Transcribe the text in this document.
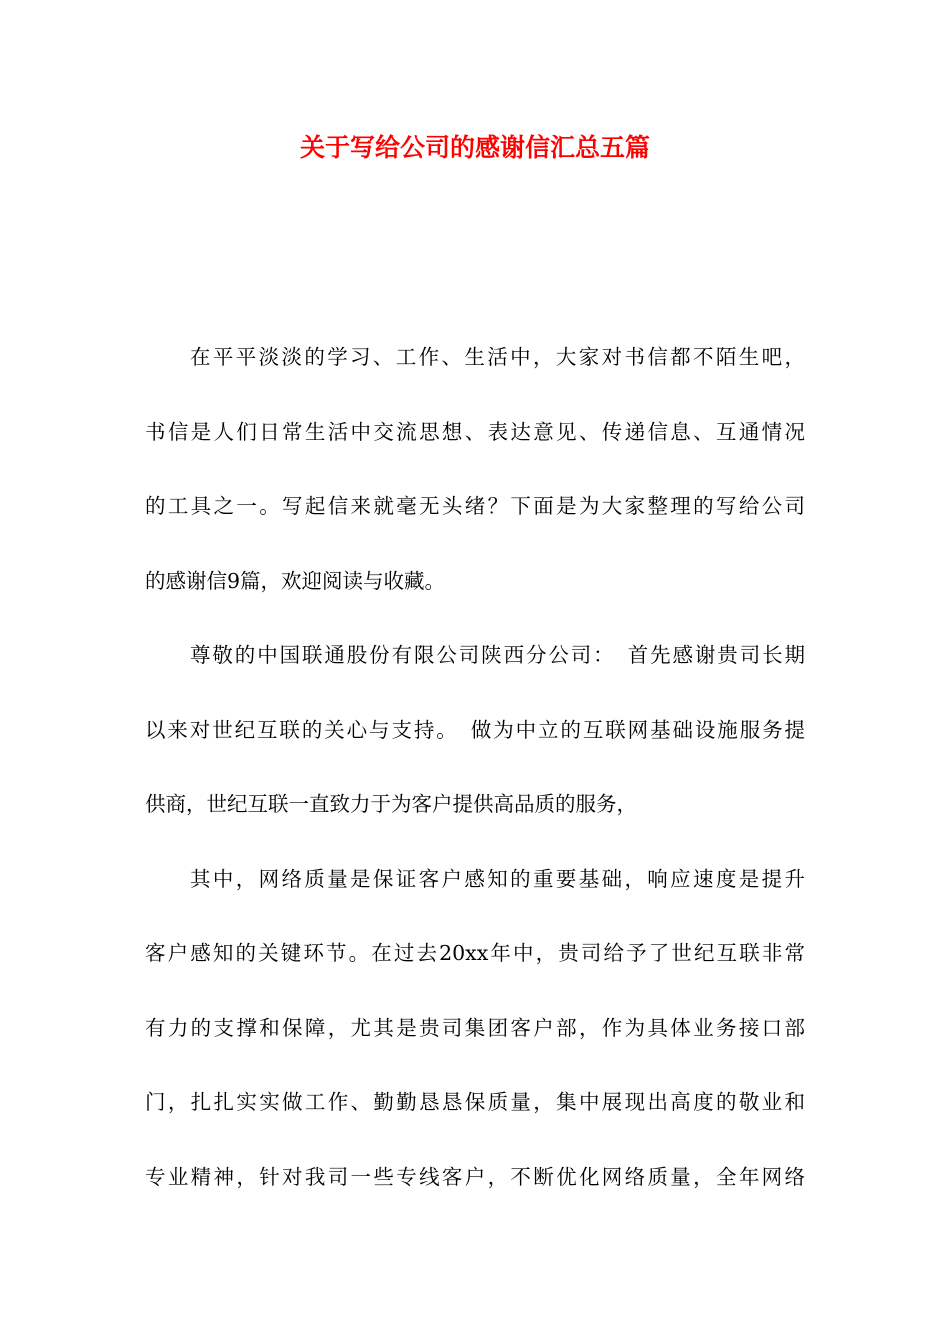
关于写给公司的感谢信汇总五篇
在平平淡淡的学习、工作、生活中，大家对书信都不陌生吧，
书信是人们日常生活中交流思想、表达意见、传递信息、互通情况
的工具之一。写起信来就毫无头绪？下面是为大家整理的写给公司
的感谢信9篇，欢迎阅读与收藏。
尊敬的中国联通股份有限公司陕西分公司：　首先感谢贵司长期
以来对世纪互联的关心与支持。　做为中立的互联网基础设施服务提
供商，世纪互联一直致力于为客户提供高品质的服务，
其中，网络质量是保证客户感知的重要基础，响应速度是提升
客户感知的关键环节。在过去20xx年中，贵司给予了世纪互联非常
有力的支撑和保障，尤其是贵司集团客户部，作为具体业务接口部
门，扎扎实实做工作、勤勤恳恳保质量，集中展现出高度的敬业和
专业精神，针对我司一些专线客户，不断优化网络质量，全年网络
